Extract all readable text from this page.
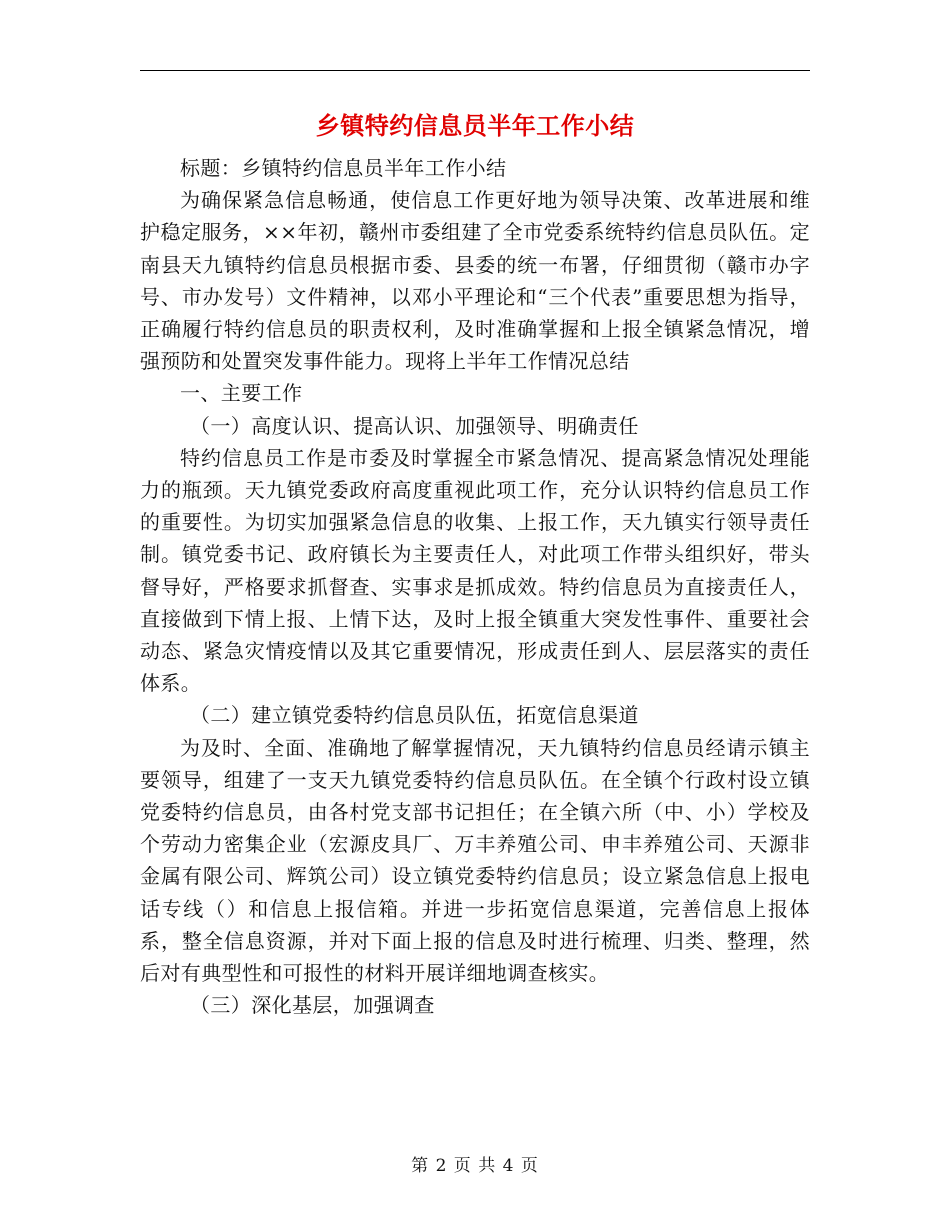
乡镇特约信息员半年工作小结

标题：乡镇特约信息员半年工作小结

为确保紧急信息畅通，使信息工作更好地为领导决策、改革进展和维护稳定服务，××年初，赣州市委组建了全市党委系统特约信息员队伍。定南县天九镇特约信息员根据市委、县委的统一布署，仔细贯彻（赣市办字号、市办发号）文件精神，以邓小平理论和“三个代表”重要思想为指导，正确履行特约信息员的职责权利，及时准确掌握和上报全镇紧急情况，增强预防和处置突发事件能力。现将上半年工作情况总结

一、主要工作

（一）高度认识、提高认识、加强领导、明确责任

特约信息员工作是市委及时掌握全市紧急情况、提高紧急情况处理能力的瓶颈。天九镇党委政府高度重视此项工作，充分认识特约信息员工作的重要性。为切实加强紧急信息的收集、上报工作，天九镇实行领导责任制。镇党委书记、政府镇长为主要责任人，对此项工作带头组织好，带头督导好，严格要求抓督查、实事求是抓成效。特约信息员为直接责任人，直接做到下情上报、上情下达，及时上报全镇重大突发性事件、重要社会动态、紧急灾情疫情以及其它重要情况，形成责任到人、层层落实的责任体系。

（二）建立镇党委特约信息员队伍，拓宽信息渠道

为及时、全面、准确地了解掌握情况，天九镇特约信息员经请示镇主要领导，组建了一支天九镇党委特约信息员队伍。在全镇个行政村设立镇党委特约信息员，由各村党支部书记担任；在全镇六所（中、小）学校及个劳动力密集企业（宏源皮具厂、万丰养殖公司、申丰养殖公司、天源非金属有限公司、辉筑公司）设立镇党委特约信息员；设立紧急信息上报电话专线（）和信息上报信箱。并进一步拓宽信息渠道，完善信息上报体系，整全信息资源，并对下面上报的信息及时进行梳理、归类、整理，然后对有典型性和可报性的材料开展详细地调查核实。

（三）深化基层，加强调查

第 2 页 共 4 页
